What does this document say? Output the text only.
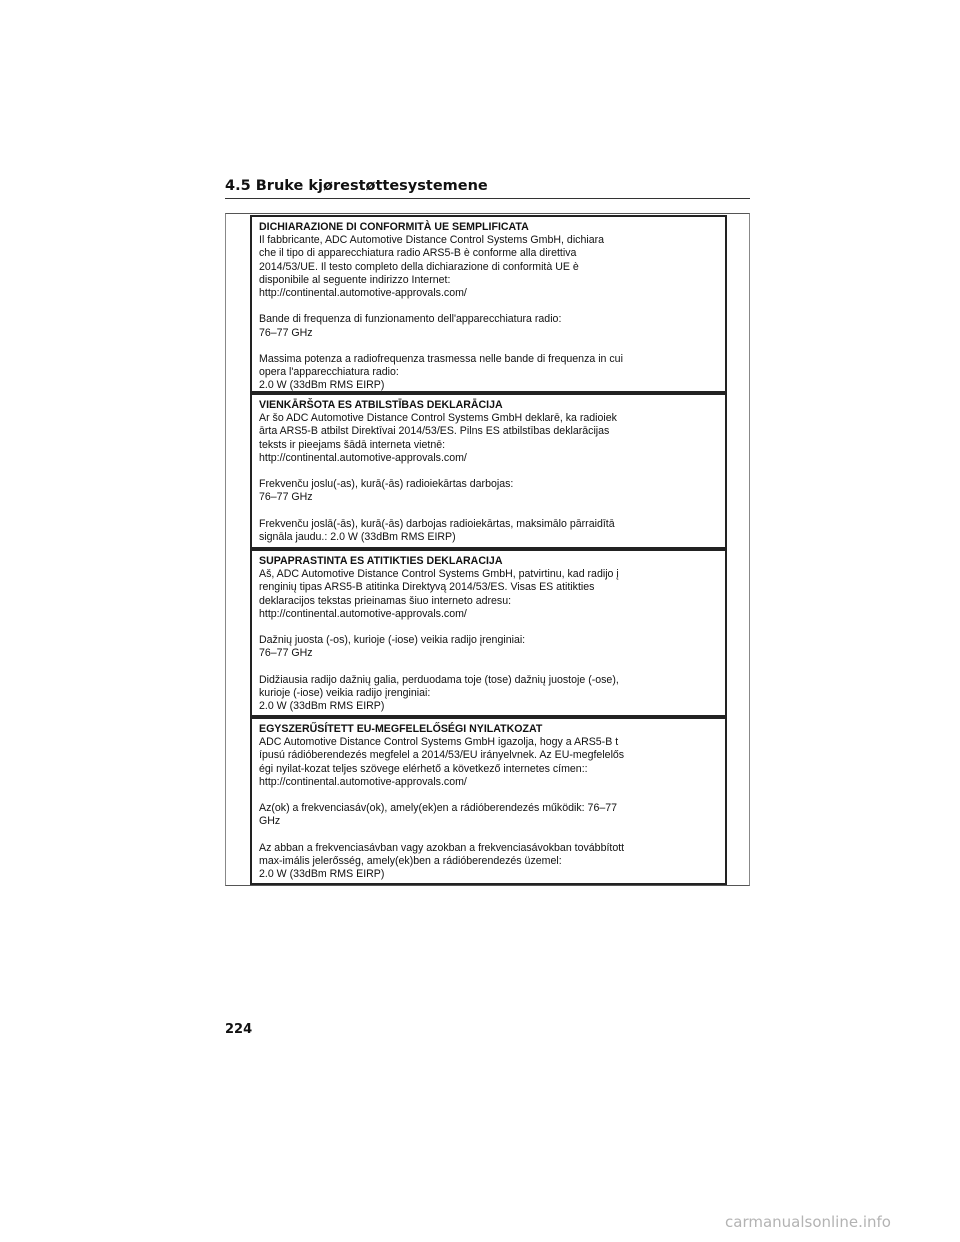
4.5 Bruke kjørestøttesystemene
DICHIARAZIONE DI CONFORMITÀ UE SEMPLIFICATA
Il fabbricante, ADC Automotive Distance Control Systems GmbH, dichiara
che il tipo di apparecchiatura radio ARS5-B è conforme alla direttiva
2014/53/UE. Il testo completo della dichiarazione di conformità UE è
disponibile al seguente indirizzo Internet:
http://continental.automotive-approvals.com/
Bande di frequenza di funzionamento dell'apparecchiatura radio:
76–77 GHz
Massima potenza a radiofrequenza trasmessa nelle bande di frequenza in cui
opera l'apparecchiatura radio:
2.0 W (33dBm RMS EIRP)
VIENKĀRŠOTA ES ATBILSTĪBAS DEKLARĀCIJA
Ar šo ADC Automotive Distance Control Systems GmbH deklarē, ka radioiek
ārta ARS5-B atbilst Direktīvai 2014/53/ES. Pilns ES atbilstības deklarācijas
teksts ir pieejams šādā interneta vietnē:
http://continental.automotive-approvals.com/
Frekvenču joslu(-as), kurā(-ās) radioiekārtas darbojas:
76–77 GHz
Frekvenču joslā(-ās), kurā(-ās) darbojas radioiekārtas, maksimālo pārraidītā
signāla jaudu.: 2.0 W (33dBm RMS EIRP)
SUPAPRASTINTA ES ATITIKTIES DEKLARACIJA
Aš, ADC Automotive Distance Control Systems GmbH, patvirtinu, kad radijo į
renginių tipas ARS5-B atitinka Direktyvą 2014/53/ES. Visas ES atitikties
deklaracijos tekstas prieinamas šiuo interneto adresu:
http://continental.automotive-approvals.com/
Dažnių juosta (-os), kurioje (-iose) veikia radijo įrenginiai:
76–77 GHz
Didžiausia radijo dažnių galia, perduodama toje (tose) dažnių juostoje (-ose),
kurioje (-iose) veikia radijo įrenginiai:
2.0 W (33dBm RMS EIRP)
EGYSZERŰSÍTETT EU-MEGFELELŐSÉGI NYILATKOZAT
ADC Automotive Distance Control Systems GmbH igazolja, hogy a ARS5-B t
ípusú rádióberendezés megfelel a 2014/53/EU irányelvnek. Az EU-megfelelős
égi nyilat-kozat teljes szövege elérhető a következő internetes címen::
http://continental.automotive-approvals.com/
Az(ok) a frekvenciasáv(ok), amely(ek)en a rádióberendezés működik: 76–77
GHz
Az abban a frekvenciasávban vagy azokban a frekvenciasávokban továbbított
max-imális jelerősség, amely(ek)ben a rádióberendezés üzemel:
2.0 W (33dBm RMS EIRP)
224
carmanualsonline.info
